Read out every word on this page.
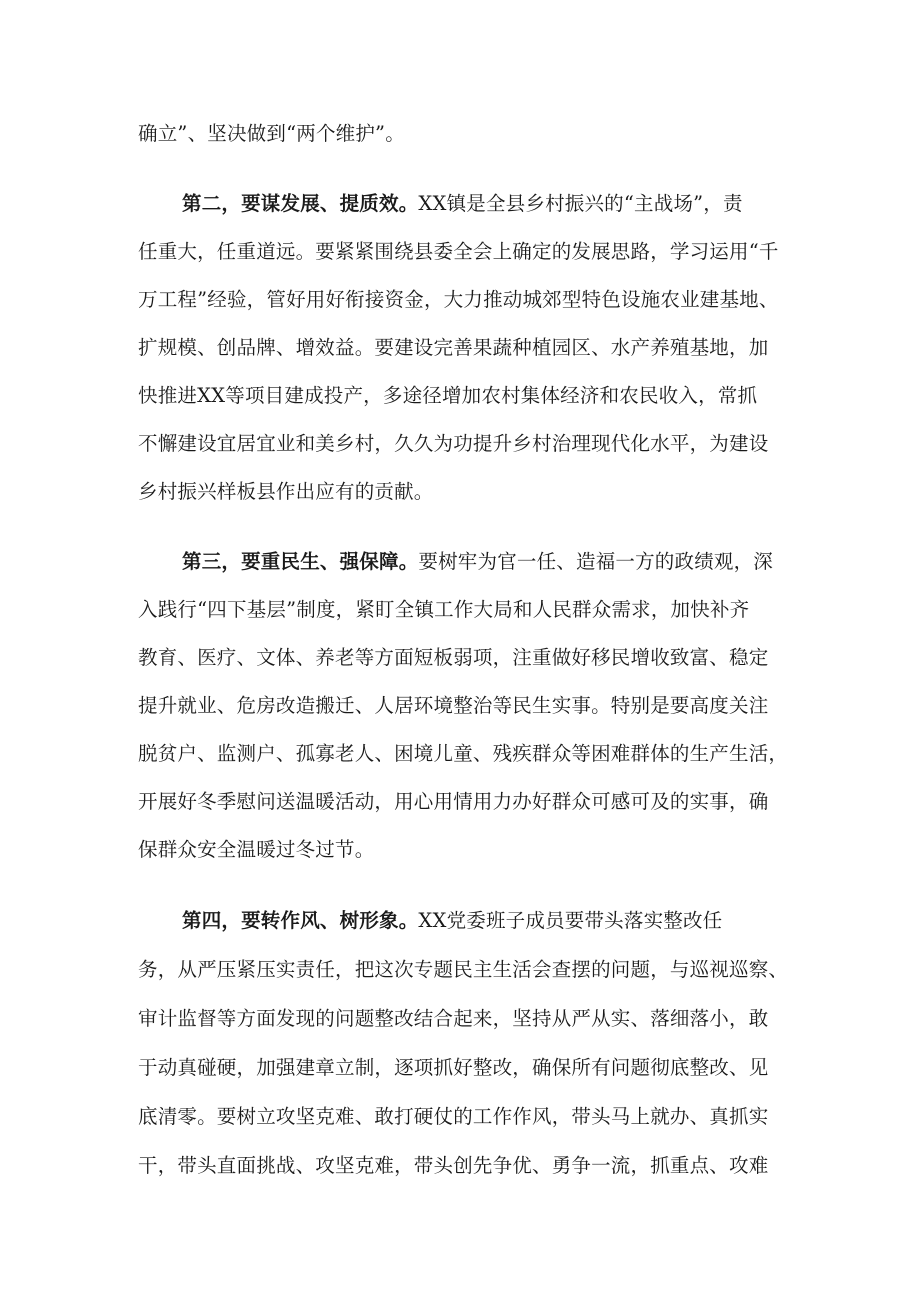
确立”、坚决做到“两个维护”。
第二，要谋发展、提质效。XX镇是全县乡村振兴的“主战场”，责
任重大，任重道远。要紧紧围绕县委全会上确定的发展思路，学习运用“千
万工程”经验，管好用好衔接资金，大力推动城郊型特色设施农业建基地、
扩规模、创品牌、增效益。要建设完善果蔬种植园区、水产养殖基地，加
快推进XX等项目建成投产，多途径增加农村集体经济和农民收入，常抓
不懈建设宜居宜业和美乡村，久久为功提升乡村治理现代化水平，为建设
乡村振兴样板县作出应有的贡献。
第三，要重民生、强保障。要树牢为官一任、造福一方的政绩观，深
入践行“四下基层”制度，紧盯全镇工作大局和人民群众需求，加快补齐
教育、医疗、文体、养老等方面短板弱项，注重做好移民增收致富、稳定
提升就业、危房改造搬迁、人居环境整治等民生实事。特别是要高度关注
脱贫户、监测户、孤寡老人、困境儿童、残疾群众等困难群体的生产生活，
开展好冬季慰问送温暖活动，用心用情用力办好群众可感可及的实事，确
保群众安全温暖过冬过节。
第四，要转作风、树形象。XX党委班子成员要带头落实整改任
务，从严压紧压实责任，把这次专题民主生活会查摆的问题，与巡视巡察、
审计监督等方面发现的问题整改结合起来，坚持从严从实、落细落小，敢
于动真碰硬，加强建章立制，逐项抓好整改，确保所有问题彻底整改、见
底清零。要树立攻坚克难、敢打硬仗的工作作风，带头马上就办、真抓实
干，带头直面挑战、攻坚克难，带头创先争优、勇争一流，抓重点、攻难
